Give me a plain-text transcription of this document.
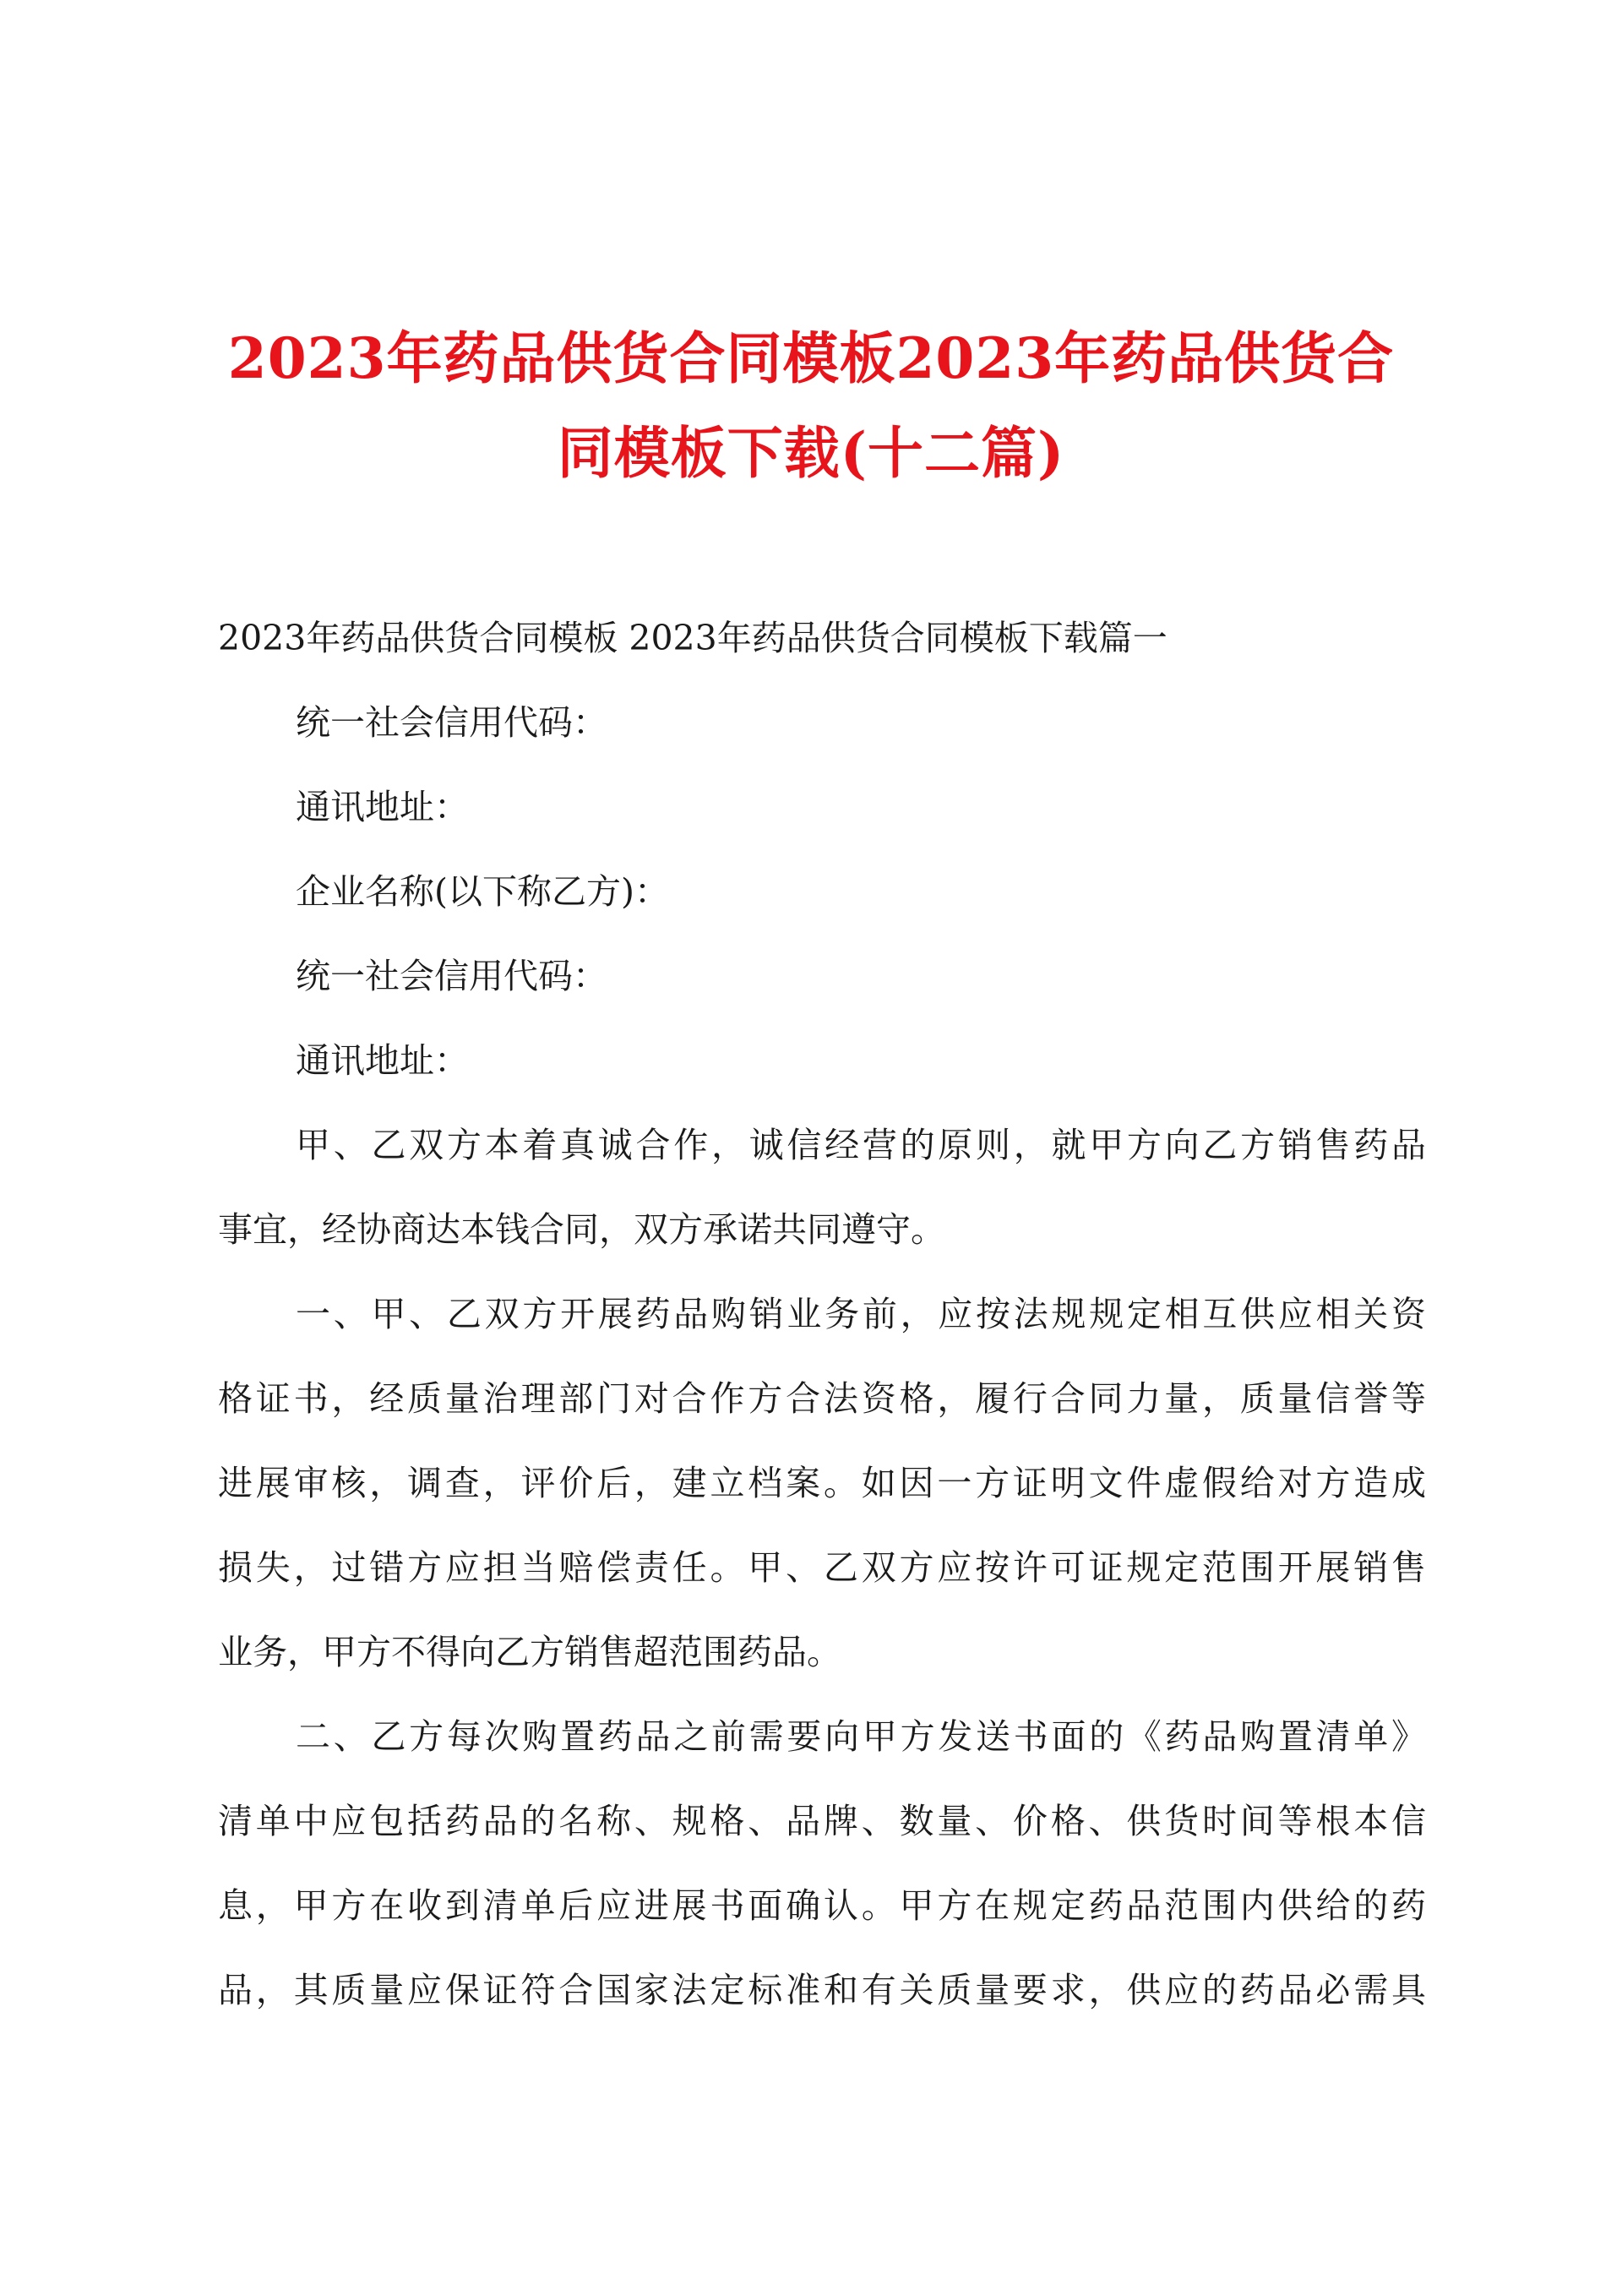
2023年药品供货合同模板2023年药品供货合
同模板下载(十二篇)

2023年药品供货合同模板 2023年药品供货合同模板下载篇一

统一社会信用代码：

通讯地址：

企业名称(以下称乙方)：

统一社会信用代码：

通讯地址：

甲、乙双方本着真诚合作，诚信经营的原则，就甲方向乙方销售药品
事宜，经协商达本钱合同，双方承诺共同遵守。
一、甲、乙双方开展药品购销业务前，应按法规规定相互供应相关资
格证书，经质量治理部门对合作方合法资格，履行合同力量，质量信誉等
进展审核，调查，评价后，建立档案。如因一方证明文件虚假给对方造成
损失，过错方应担当赔偿责任。甲、乙双方应按许可证规定范围开展销售
业务，甲方不得向乙方销售超范围药品。
二、乙方每次购置药品之前需要向甲方发送书面的《药品购置清单》
清单中应包括药品的名称、规格、品牌、数量、价格、供货时间等根本信
息，甲方在收到清单后应进展书面确认。甲方在规定药品范围内供给的药
品，其质量应保证符合国家法定标准和有关质量要求，供应的药品必需具
